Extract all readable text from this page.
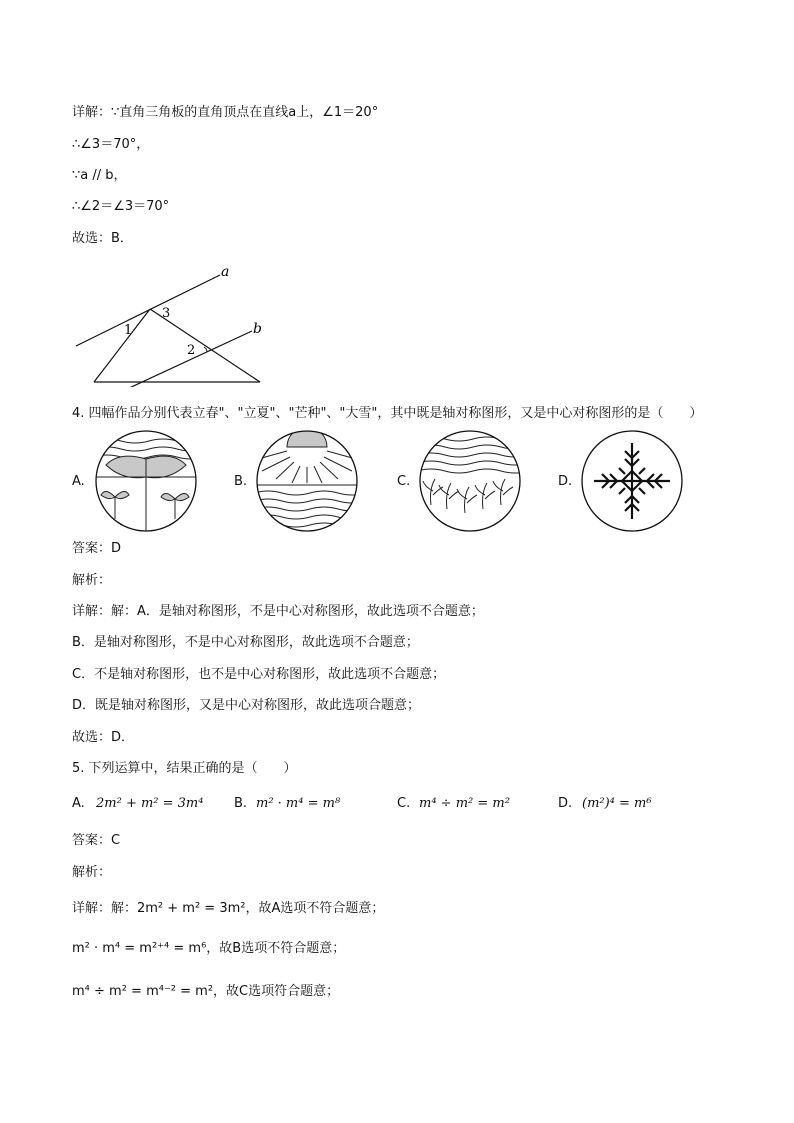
详解：∵直角三角板的直角顶点在直线a上，∠1＝20°
∴∠3＝70°，
∵a // b，
∴∠2＝∠3＝70°
故选：B．
a
b
1
2
3
4. 四幅作品分别代表立春"、"立夏"、"芒种"、"大雪"，其中既是轴对称图形，又是中心对称图形的是（　　）
A.	B.	C.	D.
答案：D
解析：
详解：解：A．是轴对称图形，不是中心对称图形，故此选项不合题意；
B．是轴对称图形，不是中心对称图形，故此选项不合题意；
C．不是轴对称图形，也不是中心对称图形，故此选项不合题意；
D．既是轴对称图形，又是中心对称图形，故此选项合题意；
故选：D．
5. 下列运算中，结果正确的是（　　）
A. 2m² + m² = 3m⁴ B. m² · m⁴ = m⁸	C. m⁴ ÷ m² = m²	D. (m²)⁴ = m⁶
答案：C
解析：
详解：解：2m² + m² = 3m²，故A选项不符合题意；
m² · m⁴ = m²⁺⁴ = m⁶，故B选项不符合题意；
m⁴ ÷ m² = m⁴⁻² = m²，故C选项符合题意；
